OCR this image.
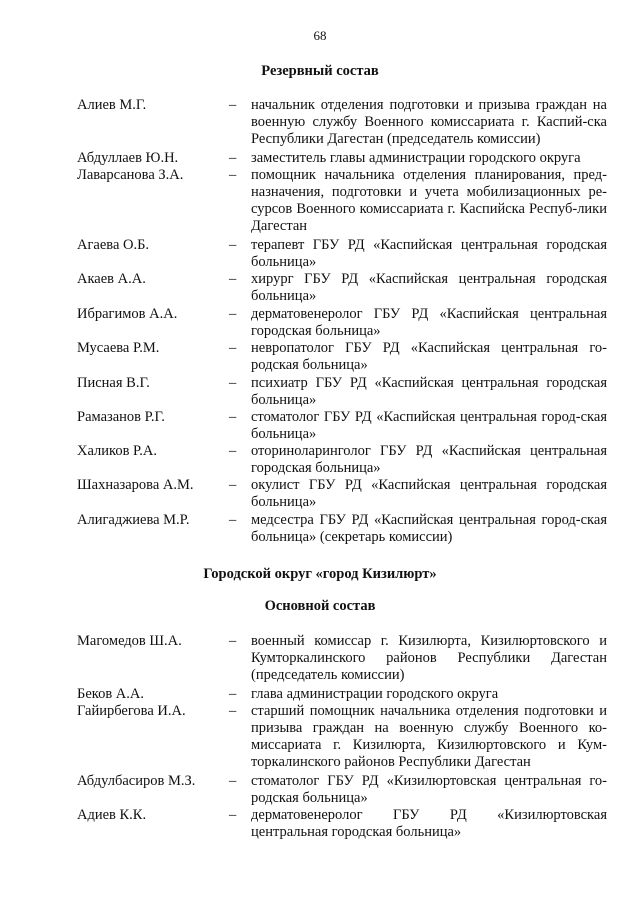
68
Резервный состав
Алиев М.Г.	– начальник отделения подготовки и призыва граждан на военную службу Военного комиссариата г. Каспий-ска Республики Дагестан (председатель комиссии)
Абдуллаев Ю.Н.	– заместитель главы администрации городского округа
Лаварсанова З.А.	– помощник начальника отделения планирования, пред-назначения, подготовки и учета мобилизационных ре-сурсов Военного комиссариата г. Каспийска Респуб-лики Дагестан
Агаева О.Б.	– терапевт ГБУ РД «Каспийская центральная городская больница»
Акаев А.А.	– хирург ГБУ РД «Каспийская центральная городская больница»
Ибрагимов А.А.	– дерматовенеролог ГБУ РД «Каспийская центральная городская больница»
Мусаева Р.М.	– невропатолог ГБУ РД «Каспийская центральная го-родская больница»
Писная В.Г.	– психиатр ГБУ РД «Каспийская центральная городская больница»
Рамазанов Р.Г.	– стоматолог ГБУ РД «Каспийская центральная город-ская больница»
Халиков Р.А.	– оториноларинголог ГБУ РД «Каспийская центральная городская больница»
Шахназарова А.М. – окулист ГБУ РД «Каспийская центральная городская больница»
Алигаджиева М.Р.	– медсестра ГБУ РД «Каспийская центральная город-ская больница» (секретарь комиссии)
Городской округ «город Кизилюрт»
Основной состав
Магомедов Ш.А.	– военный комиссар г. Кизилюрта, Кизилюртовского и Кумторкалинского районов Республики Дагестан (председатель комиссии)
Беков А.А.	– глава администрации городского округа
Гайирбегова И.А.	– старший помощник начальника отделения подготовки и призыва граждан на военную службу Военного ко-миссариата г. Кизилюрта, Кизилюртовского и Кум-торкалинского районов Республики Дагестан
Абдулбасиров М.З. – стоматолог ГБУ РД «Кизилюртовская центральная го-родская больница»
Адиев К.К.	– дерматовенеролог ГБУ РД «Кизилюртовская центральная городская больница»
